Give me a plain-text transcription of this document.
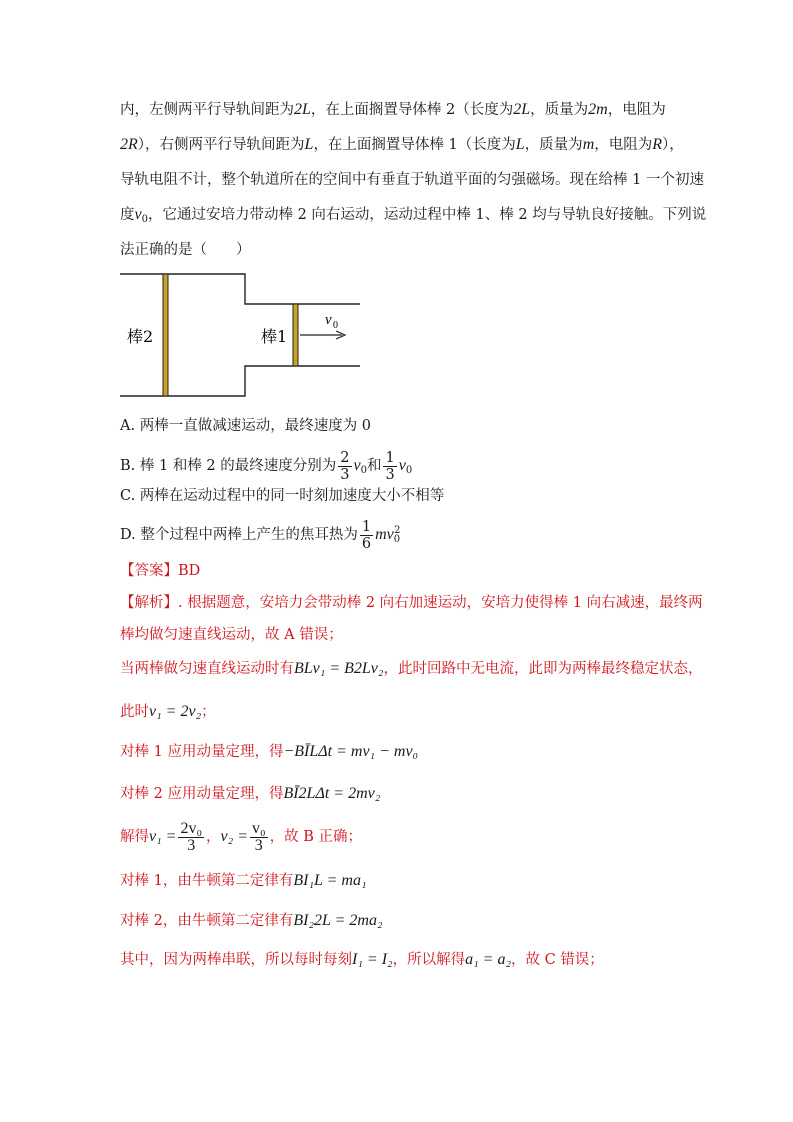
内，左侧两平行导轨间距为2L，在上面搁置导体棒 2（长度为2L，质量为2m，电阻为
2R），右侧两平行导轨间距为L，在上面搁置导体棒 1（长度为L，质量为m，电阻为R），
导轨电阻不计，整个轨道所在的空间中有垂直于轨道平面的匀强磁场。现在给棒 1 一个初速
度$v_0$，它通过安培力带动棒 2 向右运动，运动过程中棒 1、棒 2 均与导轨良好接触。下列说
法正确的是（　　）
棒2	棒1
v 0
A. 两棒一直做减速运动，最终速度为 0
B. 棒 1 和棒 2 的最终速度分别为 $\frac{2}{3} v_0$和 $\frac{1}{3} v_0$
C. 两棒在运动过程中的同一时刻加速度大小不相等
D. 整个过程中两棒上产生的焦耳热为 $\frac{1}{6} mv_0^2$
【答案】BD
【解析】. 根据题意，安培力会带动棒 2 向右加速运动，安培力使得棒 1 向右减速，最终两
棒均做匀速直线运动，故 A 错误；
当两棒做匀速直线运动时有BLv₁ = B2Lv₂，此时回路中无电流，此即为两棒最终稳定状态，
此时v₁ = 2v₂；
对棒 1 应用动量定理，得−BĪLΔt = mv₁ − mv₀
对棒 2 应用动量定理，得BĪ2LΔt = 2mv₂
解得$v_1 = \frac{\text{2v₀}}{3}$ ，$v_2 = \frac{\text{v₀}}{3}$ ，故 B 正确；
对棒 1，由牛顿第二定律有BI₁L = ma₁
对棒 2，由牛顿第二定律有BI₂2L = 2ma₂
其中，因为两棒串联，所以每时每刻I₁ = I₂，所以解得a₁ = a₂，故 C 错误；
